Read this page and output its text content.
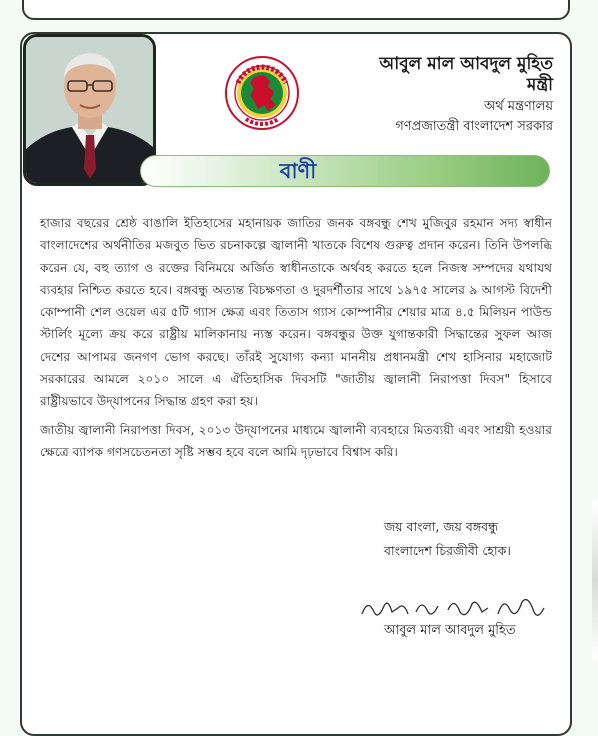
আবুল মাল আবদুল মুহিত
মন্ত্রী
অর্থ মন্ত্রণালয়
গণপ্রজাতন্ত্রী বাংলাদেশ সরকার
বাণী

হাজার বছরের শ্রেষ্ঠ বাঙালি ইতিহাসের মহানায়ক জাতির জনক বঙ্গবন্ধু শেখ মুজিবুর রহমান সদ্য স্বাধীন বাংলাদেশের অর্থনীতির মজবুত ভিত রচনাকল্পে জ্বালানী খাতকে বিশেষ গুরুত্ব প্রদান করেন। তিনি উপলব্ধি করেন যে, বহু ত্যাগ ও রক্তের বিনিময়ে অর্জিত স্বাধীনতাকে অর্থবহ করতে হলে নিজস্ব সম্পদের যথাযথ ব্যবহার নিশ্চিত করতে হবে। বঙ্গবন্ধু অত্যন্ত বিচক্ষণতা ও দুরদর্শীতার সাথে ১৯৭৫ সালের ৯ আগস্ট বিদেশী কোম্পানী শেল ওয়েল এর ৫টি গ্যাস ক্ষেত্র এবং তিতাস গ্যাস কোম্পানীর শেয়ার মাত্র ৪.৫ মিলিয়ন পাউন্ড স্টার্লিং মূল্যে ক্রয় করে রাষ্ট্রীয় মালিকানায় ন্যস্ত করেন। বঙ্গবন্ধুর উক্ত যুগান্তকারী সিদ্ধান্তের সুফল আজ দেশের আপামর জনগণ ভোগ করছে। তাঁরই সুযোগ্য কন্যা মাননীয় প্রধানমন্ত্রী শেখ হাসিনার মহাজোট সরকারের আমলে ২০১০ সালে এ ঐতিহাসিক দিবসটি "জাতীয় জ্বালানী নিরাপত্তা দিবস" হিসাবে রাষ্ট্রীয়ভাবে উদ্‌যাপনের সিদ্ধান্ত গ্রহণ করা হয়।

জাতীয় জ্বালানী নিরাপত্তা দিবস, ২০১৩ উদ্‌যাপনের মাধ্যমে জ্বালানী ব্যবহারে মিতব্যয়ী এবং সাশ্রয়ী হওয়ার ক্ষেত্রে ব্যাপক গণসচেতনতা সৃষ্টি সম্ভব হবে বলে আমি দৃঢ়ভাবে বিশ্বাস করি।

জয় বাংলা, জয় বঙ্গবন্ধু
বাংলাদেশ চিরজীবী হোক।
আবুল মাল আবদুল মুহিত
